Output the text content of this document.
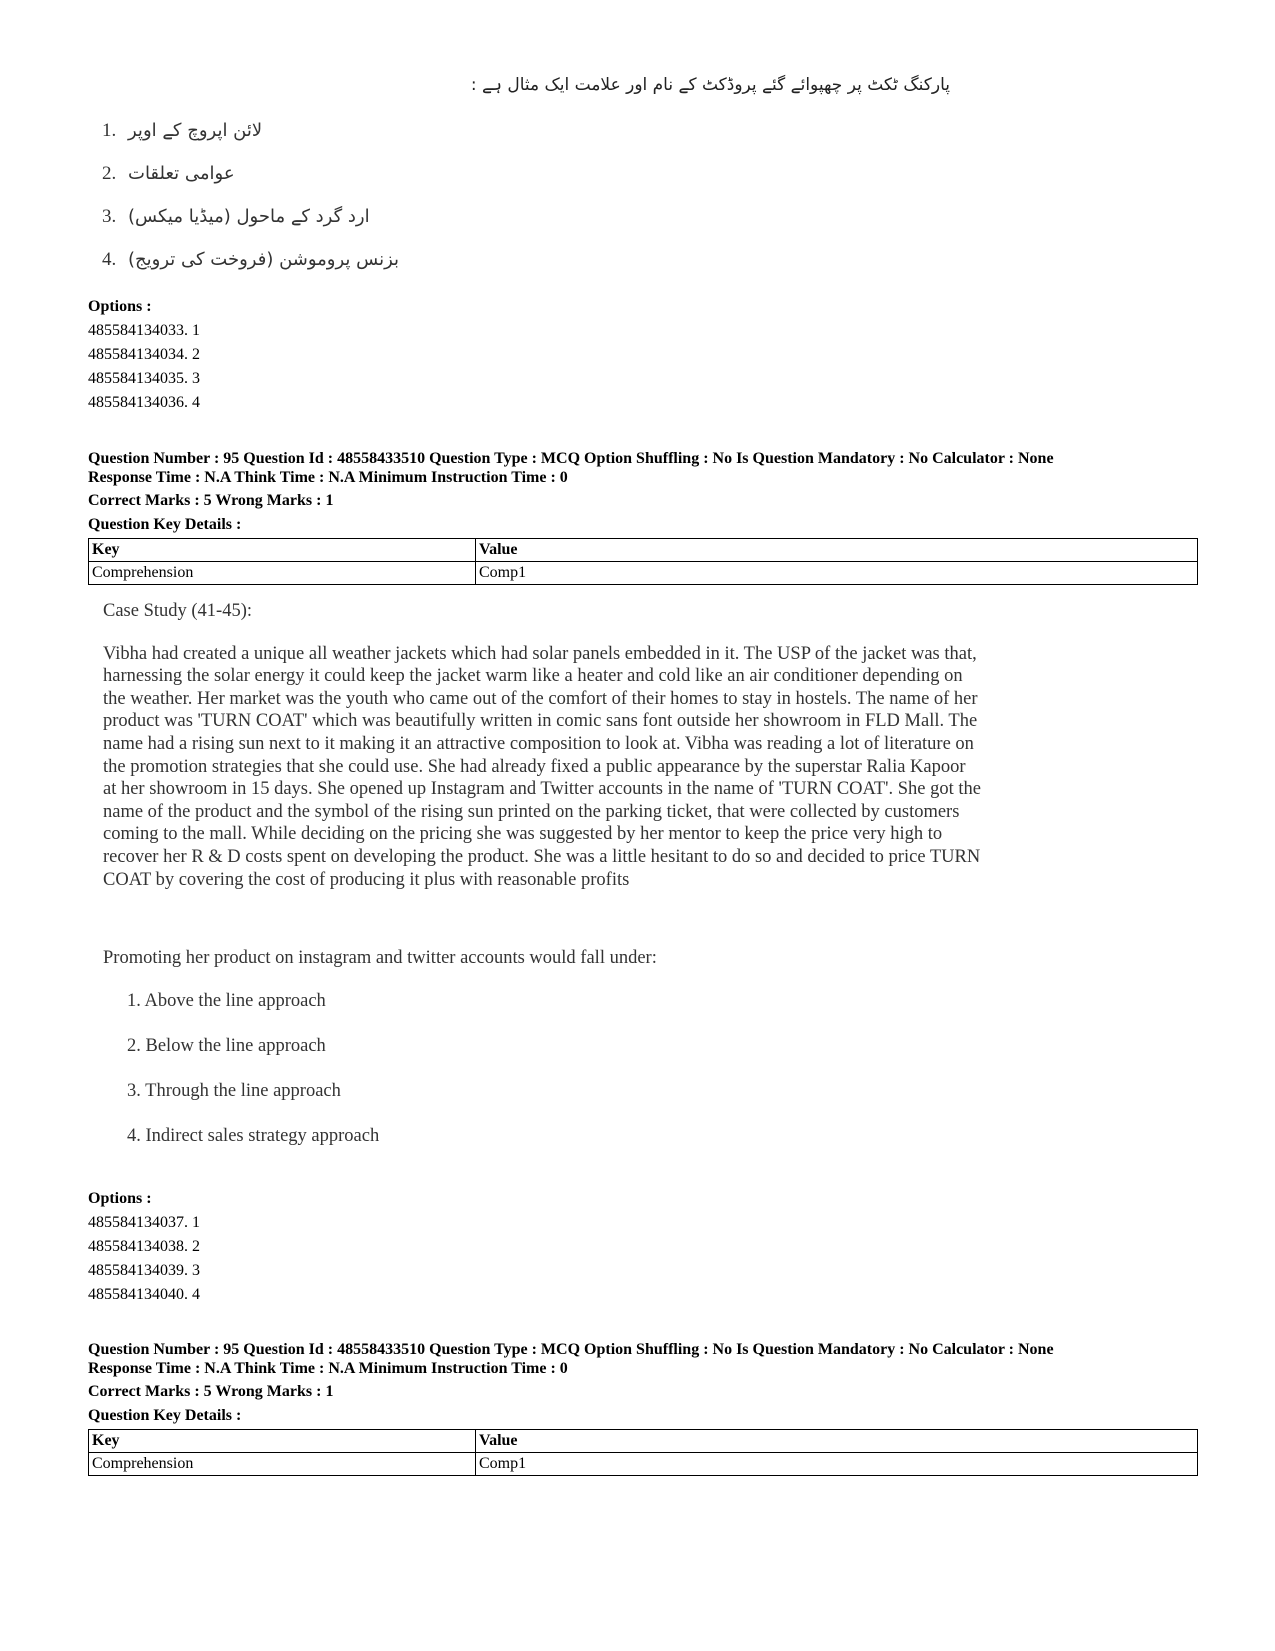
پارکنگ ٹکٹ پر چھپوائے گئے پروڈکٹ کے نام اور علامت ایک مثال ہے :
1. لائن اپروچ کے اوپر
2. عوامی تعلقات
3. ارد گرد کے ماحول (میڈیا میکس)
4. بزنس پروموشن (فروخت کی ترویج)
Options :
485584134033. 1
485584134034. 2
485584134035. 3
485584134036. 4
Question Number : 95 Question Id : 48558433510 Question Type : MCQ Option Shuffling : No Is Question Mandatory : No Calculator : None
Response Time : N.A Think Time : N.A Minimum Instruction Time : 0
Correct Marks : 5 Wrong Marks : 1
Question Key Details :
Key	Value
Comprehension	Comp1

Case Study (41-45):

Vibha had created a unique all weather jackets which had solar panels embedded in it. The USP of the jacket was that, harnessing the solar energy it could keep the jacket warm like a heater and cold like an air conditioner depending on the weather. Her market was the youth who came out of the comfort of their homes to stay in hostels. The name of her product was 'TURN COAT' which was beautifully written in comic sans font outside her showroom in FLD Mall. The name had a rising sun next to it making it an attractive composition to look at. Vibha was reading a lot of literature on the promotion strategies that she could use. She had already fixed a public appearance by the superstar Ralia Kapoor at her showroom in 15 days. She opened up Instagram and Twitter accounts in the name of 'TURN COAT'. She got the name of the product and the symbol of the rising sun printed on the parking ticket, that were collected by customers coming to the mall. While deciding on the pricing she was suggested by her mentor to keep the price very high to recover her R & D costs spent on developing the product. She was a little hesitant to do so and decided to price TURN COAT by covering the cost of producing it plus with reasonable profits

Promoting her product on instagram and twitter accounts would fall under:

1. Above the line approach
2. Below the line approach
3. Through the line approach
4. Indirect sales strategy approach
Options :
485584134037. 1
485584134038. 2
485584134039. 3
485584134040. 4
Question Number : 95 Question Id : 48558433510 Question Type : MCQ Option Shuffling : No Is Question Mandatory : No Calculator : None
Response Time : N.A Think Time : N.A Minimum Instruction Time : 0
Correct Marks : 5 Wrong Marks : 1
Question Key Details :
Key	Value
Comprehension	Comp1
